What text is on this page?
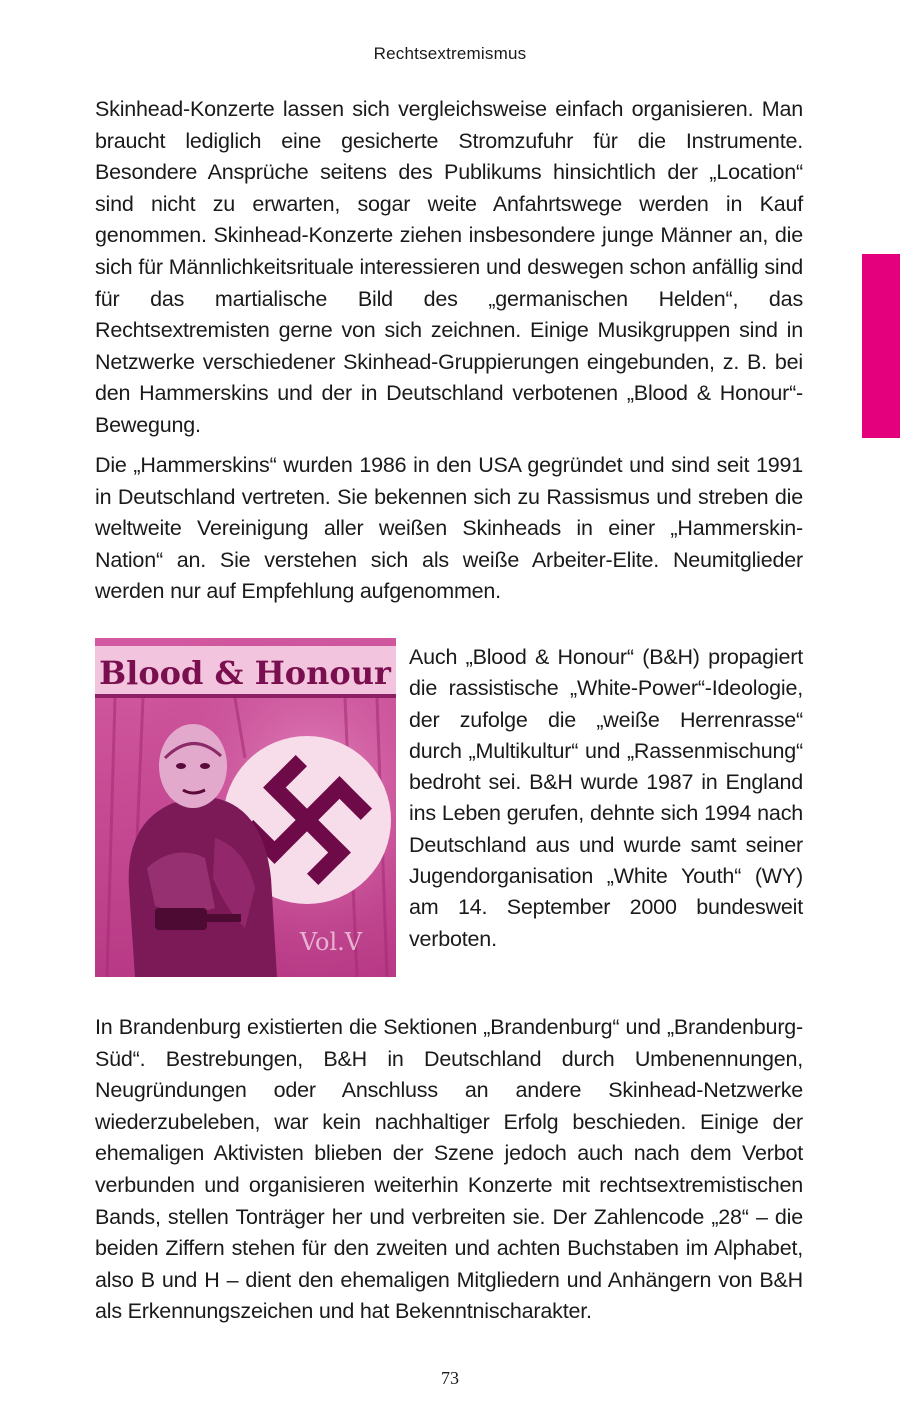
Rechtsextremismus

Skinhead-Konzerte lassen sich vergleichsweise einfach organisieren. Man braucht lediglich eine gesicherte Stromzufuhr für die Instrumente. Besondere Ansprüche seitens des Publikums hinsichtlich der „Location“ sind nicht zu erwarten, sogar weite Anfahrtswege werden in Kauf genommen. Skinhead-Konzerte ziehen insbesondere junge Männer an, die sich für Männlichkeitsrituale interessieren und deswegen schon anfällig sind für das martialische Bild des „germanischen Helden“, das Rechtsextremisten gerne von sich zeichnen. Einige Musikgruppen sind in Netzwerke verschiedener Skinhead-Gruppierungen eingebunden, z. B. bei den Hammerskins und der in Deutschland verbotenen „Blood & Honour“-Bewegung.

Die „Hammerskins“ wurden 1986 in den USA gegründet und sind seit 1991 in Deutschland vertreten. Sie bekennen sich zu Rassismus und streben die weltweite Vereinigung aller weißen Skinheads in einer „Hammerskin-Nation“ an. Sie verstehen sich als weiße Arbeiter-Elite. Neumitglieder werden nur auf Empfehlung aufgenommen.

Blood & Honour
Vol.V

Auch „Blood & Honour“ (B&H) propagiert die rassistische „White-Power“-Ideologie, der zufolge die „weiße Herrenrasse“ durch „Multikultur“ und „Rassenmischung“ bedroht sei. B&H wurde 1987 in England ins Leben gerufen, dehnte sich 1994 nach Deutschland aus und wurde samt seiner Jugendorganisation „White Youth“ (WY) am 14. September 2000 bundesweit verboten.

In Brandenburg existierten die Sektionen „Brandenburg“ und „Brandenburg-Süd“. Bestrebungen, B&H in Deutschland durch Umbenennungen, Neugründungen oder Anschluss an andere Skinhead-Netzwerke wiederzubeleben, war kein nachhaltiger Erfolg beschieden. Einige der ehemaligen Aktivisten blieben der Szene jedoch auch nach dem Verbot verbunden und organisieren weiterhin Konzerte mit rechtsextremistischen Bands, stellen Tonträger her und verbreiten sie. Der Zahlencode „28“ – die beiden Ziffern stehen für den zweiten und achten Buchstaben im Alphabet, also B und H – dient den ehemaligen Mitgliedern und Anhängern von B&H als Erkennungszeichen und hat Bekenntnischarakter.

73
